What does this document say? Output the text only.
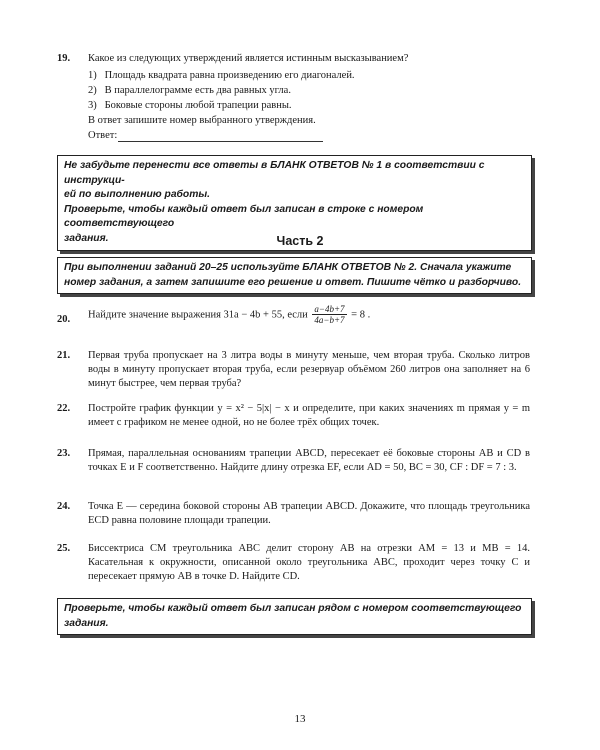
19. Какое из следующих утверждений является истинным высказыванием?
1)   Площадь квадрата равна произведению его диагоналей.
2)   В параллелограмме есть два равных угла.
3)   Боковые стороны любой трапеции равны.
В ответ запишите номер выбранного утверждения.
Ответ:
Не забудьте перенести все ответы в БЛАНК ОТВЕТОВ № 1 в соответствии с инструкци-
ей по выполнению работы.
Проверьте, чтобы каждый ответ был записан в строке с номером соответствующего
задания.	Часть 2
При выполнении заданий 20–25 используйте БЛАНК ОТВЕТОВ № 2. Сначала укажите
номер задания, а затем запишите его решение и ответ. Пишите чётко и разборчиво.
20. Найдите значение выражения 31a − 4b + 55, если $\frac{a-4b+7}{4a-b+7} = 8$ .
21. Первая труба пропускает на 3 литра воды в минуту меньше, чем вторая труба. Сколько литров воды в минуту пропускает вторая труба, если резервуар объёмом 260 литров она заполняет на 6 минут быстрее, чем первая труба?
22. Постройте график функции y = x² − 5|x| − x и определите, при каких значениях m прямая y = m имеет с графиком не менее одной, но не более трёх общих точек.
23. Прямая, параллельная основаниям трапеции ABCD, пересекает её боковые стороны AB и CD в точках E и F соответственно. Найдите длину отрезка EF, если AD = 50, BC = 30, CF : DF = 7 : 3.
24. Точка E — середина боковой стороны AB трапеции ABCD. Докажите, что площадь треугольника ECD равна половине площади трапеции.
25. Биссектриса CM треугольника ABC делит сторону AB на отрезки AM = 13 и MB = 14. Касательная к окружности, описанной около треугольника ABC, проходит через точку C и пересекает прямую AB в точке D. Найдите CD.
Проверьте, чтобы каждый ответ был записан рядом с номером соответствующего
задания.
13
